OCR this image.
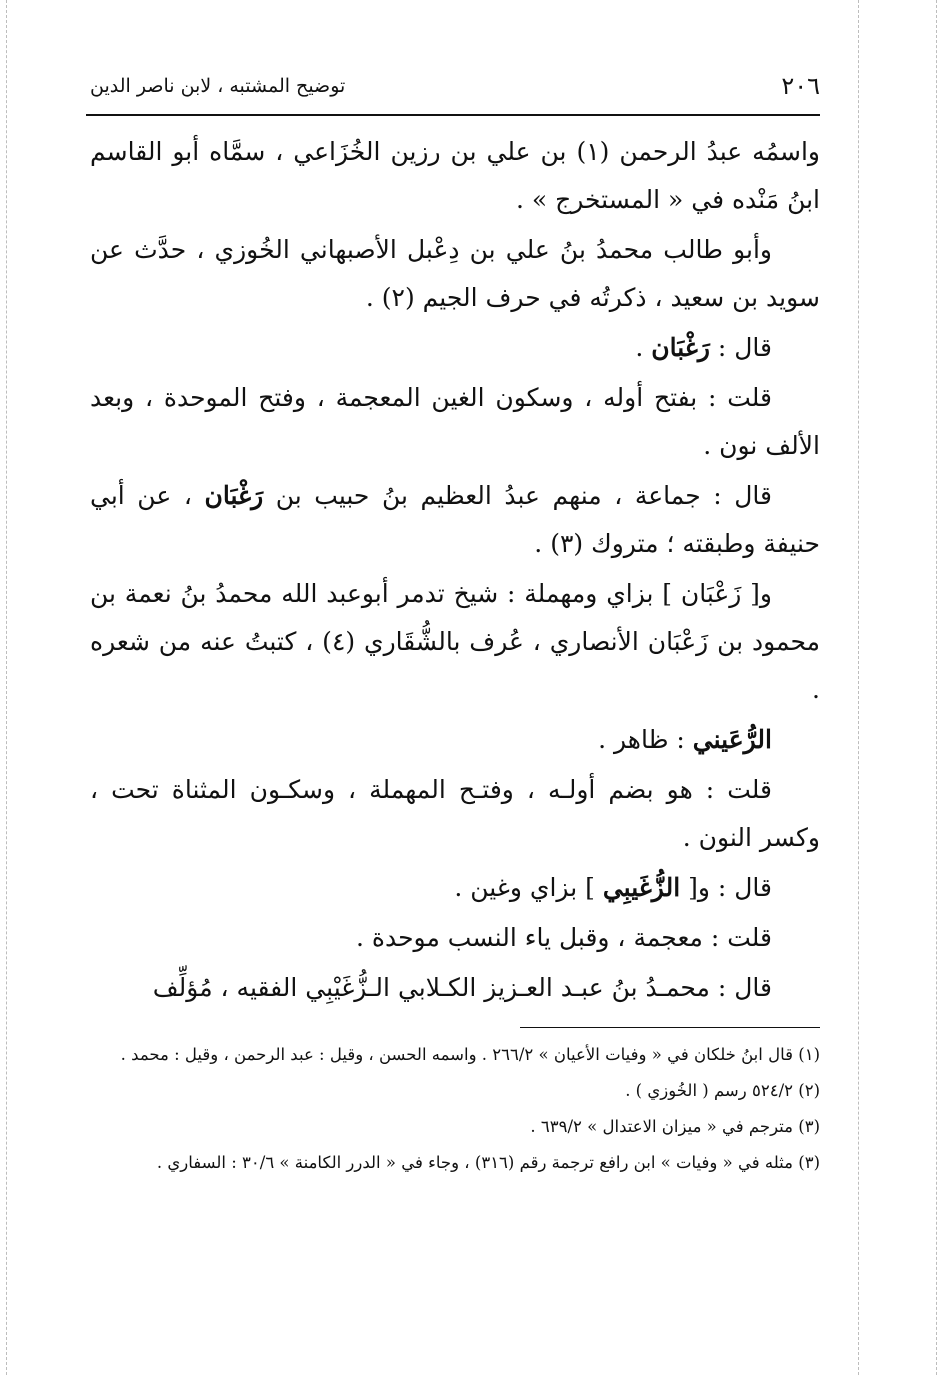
٢٠٦
توضيح المشتبه ، لابن ناصر الدين

واسمُه عبدُ الرحمن (١) بن علي بن رزين الخُزَاعي ، سمَّاه أبو القاسم ابنُ مَنْده في « المستخرج » .

وأبو طالب محمدُ بنُ علي بن دِعْبل الأصبهاني الخُوزي ، حدَّث عن سويد بن سعيد ، ذكرتُه في حرف الجيم (٢) .

قال : رَغْبَان .

قلت : بفتح أوله ، وسكون الغين المعجمة ، وفتح الموحدة ، وبعد الألف نون .

قال : جماعة ، منهم عبدُ العظيم بنُ حبيب بن رَغْبَان ، عن أبي حنيفة وطبقته ؛ متروك (٣) .

و[ زَعْبَان ] بزاي ومهملة : شيخ تدمر أبوعبد الله محمدُ بنُ نعمة بن محمود بن زَعْبَان الأنصاري ، عُرف بالشُّقَاري (٤) ، كتبتُ عنه من شعره .

الرُّعَيني : ظاهر .

قلت : هو بضم أولـه ، وفتـح المهملة ، وسكـون المثناة تحت ، وكسر النون .

قال : و[ الزُّغَيبِي ] بزاي وغين .

قلت : معجمة ، وقبل ياء النسب موحدة .

قال : محمـدُ بنُ عبـد العـزيز الكـلابي الـزُّغَيْبِي الفقيه ، مُؤلِّف

(١) قال ابنُ خلكان في « وفيات الأعيان » ٢٦٦/٢ . واسمه الحسن ، وقيل : عبد الرحمن ، وقيل : محمد .

(٢) ٥٢٤/٢ رسم ( الخُوزي ) .

(٣) مترجم في « ميزان الاعتدال » ٦٣٩/٢ .

(٣) مثله في « وفيات » ابن رافع ترجمة رقم (٣١٦) ، وجاء في « الدرر الكامنة » ٣٠/٦ : السفاري .
